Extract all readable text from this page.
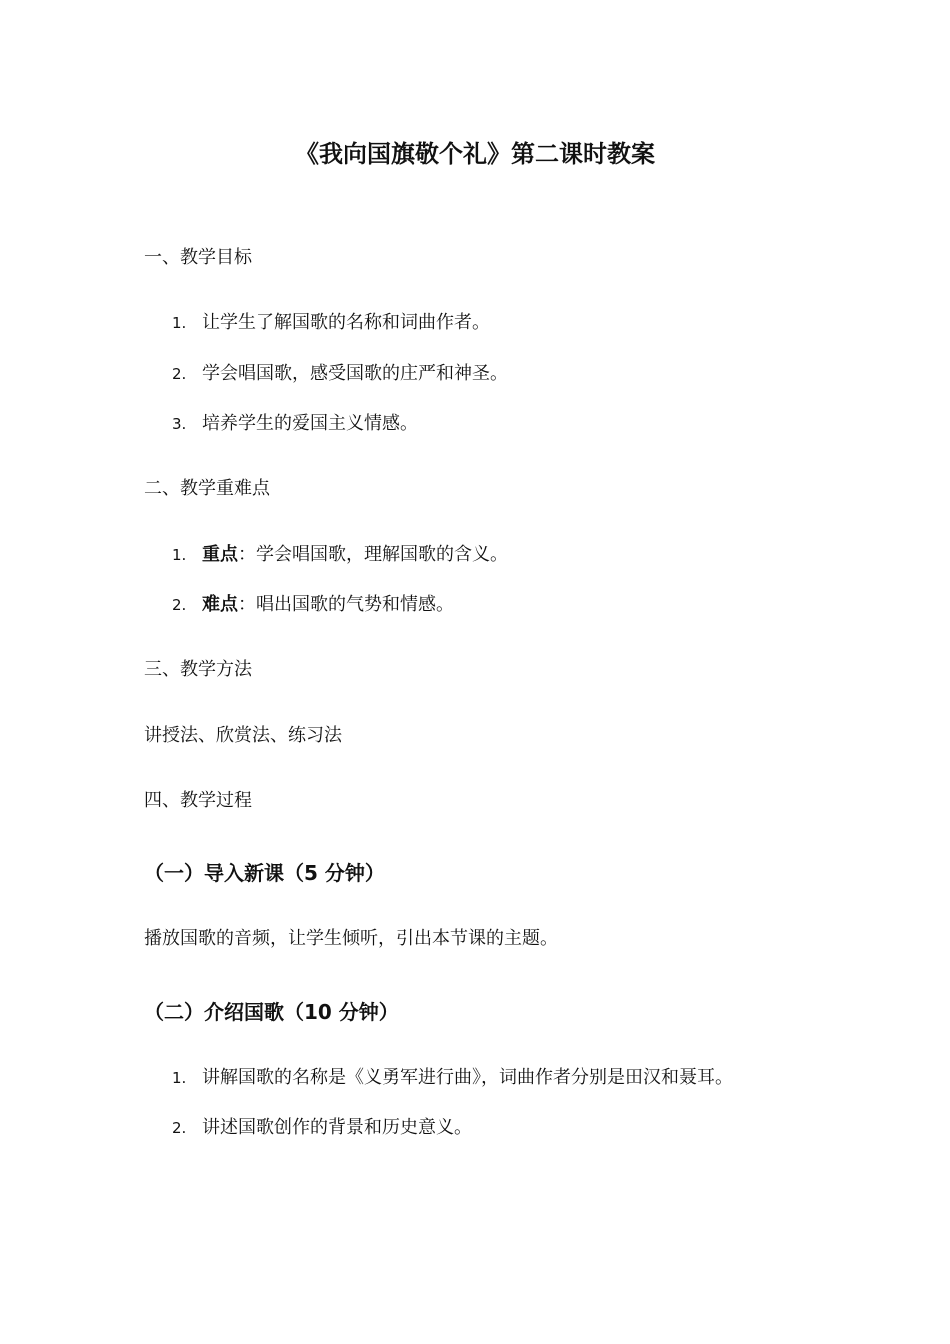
《我向国旗敬个礼》第二课时教案
一、教学目标
1. 让学生了解国歌的名称和词曲作者。
2. 学会唱国歌，感受国歌的庄严和神圣。
3. 培养学生的爱国主义情感。
二、教学重难点
1. 重点：学会唱国歌，理解国歌的含义。
2. 难点：唱出国歌的气势和情感。
三、教学方法
讲授法、欣赏法、练习法
四、教学过程
（一）导入新课（5 分钟）
播放国歌的音频，让学生倾听，引出本节课的主题。
（二）介绍国歌（10 分钟）
1. 讲解国歌的名称是《义勇军进行曲》，词曲作者分别是田汉和聂耳。
2. 讲述国歌创作的背景和历史意义。
